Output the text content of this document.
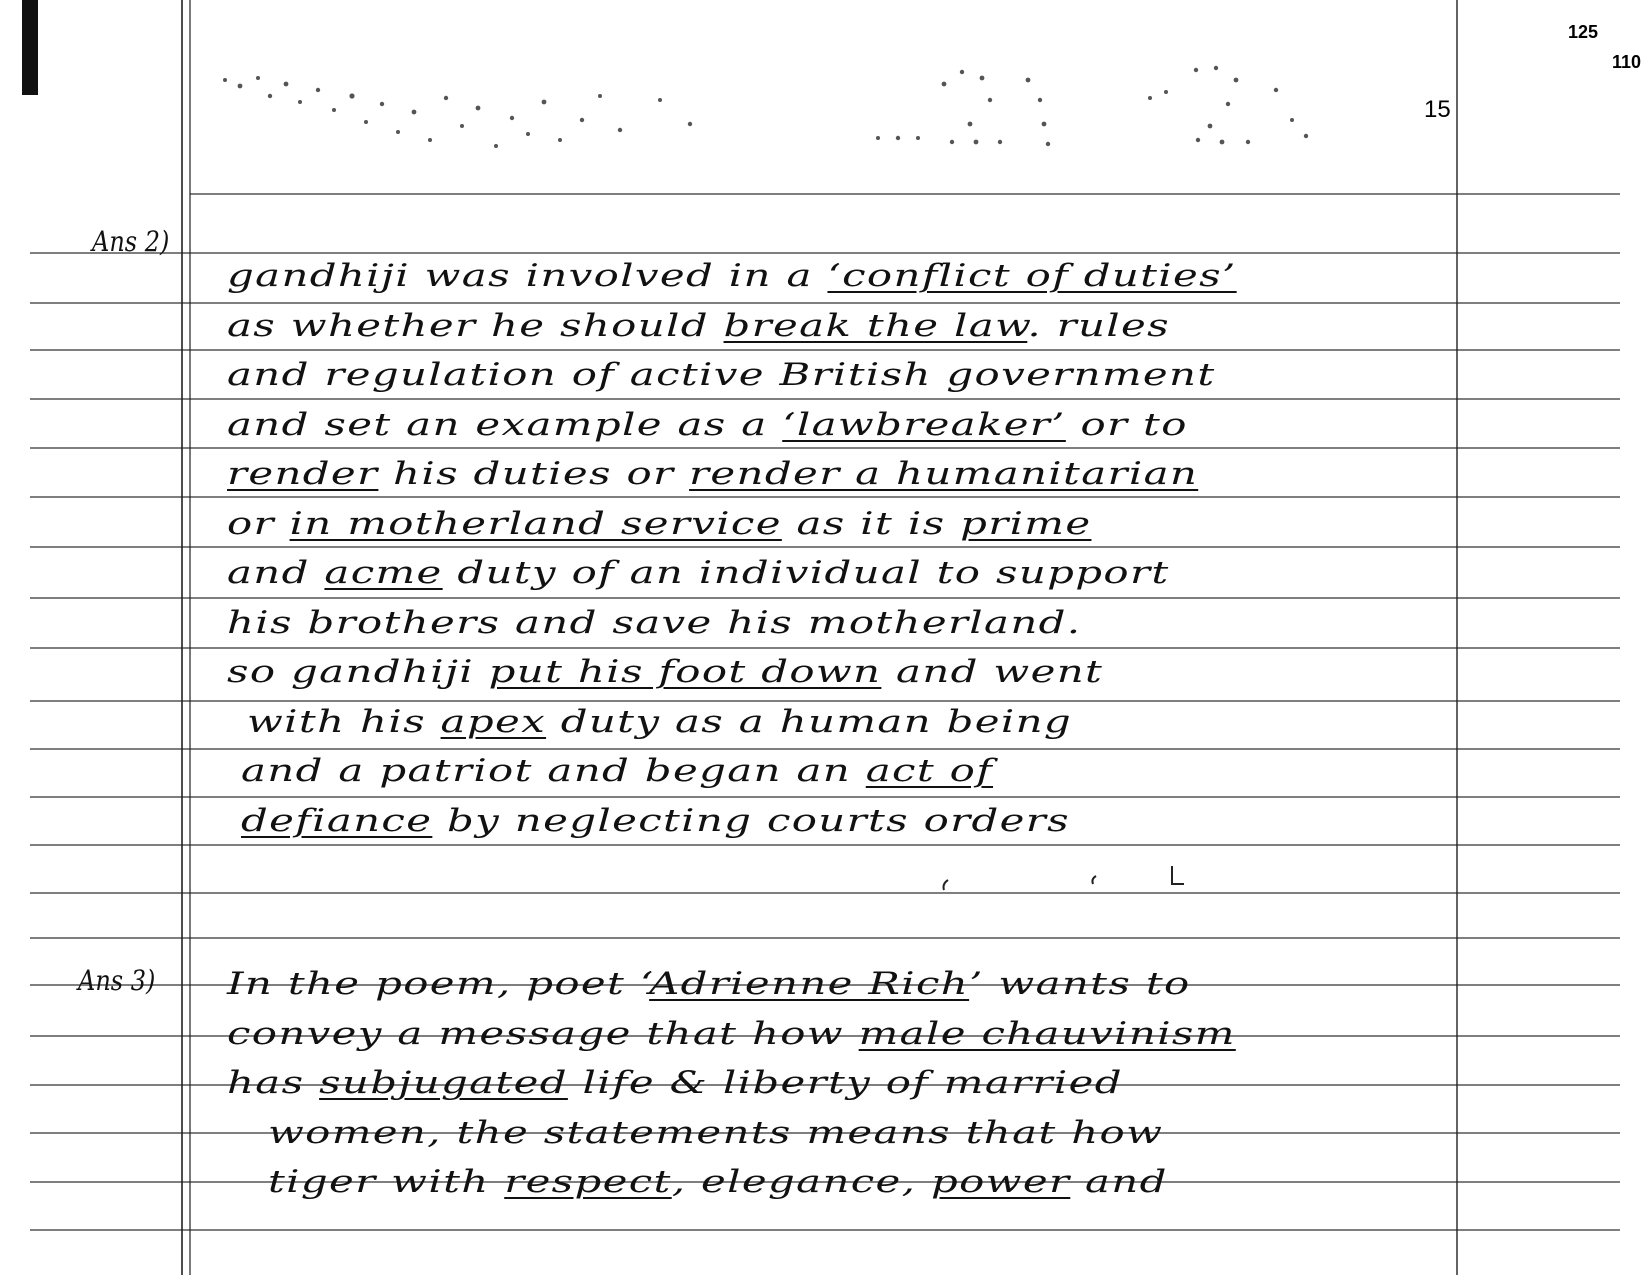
125
110
15
Ans 2)
Ans 3)
gandhiji was involved in a ‘conflict of duties’
as whether he should break the law. rules
and regulation of active British government
and set an example as a ‘lawbreaker’ or to
render his duties or render a humanitarian
or in motherland service as it is prime
and acme duty of an individual to support
his brothers and save his motherland.
so gandhiji put his foot down and went
with his apex duty as a human being
and a patriot and began an act of
defiance by neglecting courts orders
In the poem, poet ‘Adrienne Rich’ wants to
convey a message that how male chauvinism
has subjugated life & liberty of married
women, the statements means that how
tiger with respect, elegance, power and
